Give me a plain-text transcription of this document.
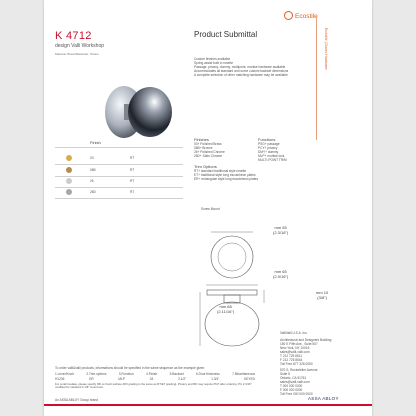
K 4712
design Valli Workshop
Material: Brass/Materiale: Ottone
Product Submittal
Ecostile
Ecostile | Doors Hardware
Custom finishes available
Spring assist built in rosette
Passage, privacy, dummy, multipoint, mortise hardware available
Accommodates all standard and some custom backset dimensions
A complete selection of other matching hardware may be available
Finish
03	RT
06B	RT
26	RT
26D	RT
Finishes
03+ Polished Brass
06B+ Bronze
26+ Polished Chrome
26D+ Satin Chrome
Functions
PSG+ passage
PCY+ privacy
DMY+ dummy
MLP+ mortise lock
MULTI-POINT TRIM
Trim Options
RT+ standard traditional style rosette
ET+ traditional style long escutcheon plates
ER+ rectangular style long escutcheon plates
Screw Mount
mm 55
(2.3/16")
mm 65
(2.9/16")
mm 10
(3/8")
mm 68
(2.11/16")
To order valli&valli products, informations should be specified in the same sequence as the example given:
1.Lever/Knob	2.Trim options	3.Function	4.Finish	5.Backset	6.Door thickness	7.Miscellaneous
H1236	ER	MLP	03	2.1/2"	1.3/4"	KEYED
For small insulate, please specify RD on fresh surface (RD grading is the same as RT/ET grading). Privacy and RD may require PGT after ordering. PU 2.3/16" modified for standard 2.1/8" cross bore.
ValliValli U.S.A. Inc.
Architectural and Designers Building
150 E Fifth Ave., Suite 507
New York, NY 10016
sales@valli-valli.com
T 212 725 8511
F 212 725 8544
Toll Free 877 326 0050
570 S. Rockefeller Avenue
Suite 5
Ontario, CA 91761
sales@valli-valli.com
T 000 000 0000
F 000 000 0000
Toll Free 000 000 0000
An ASSA ABLOY Group brand	ASSA ABLOY
